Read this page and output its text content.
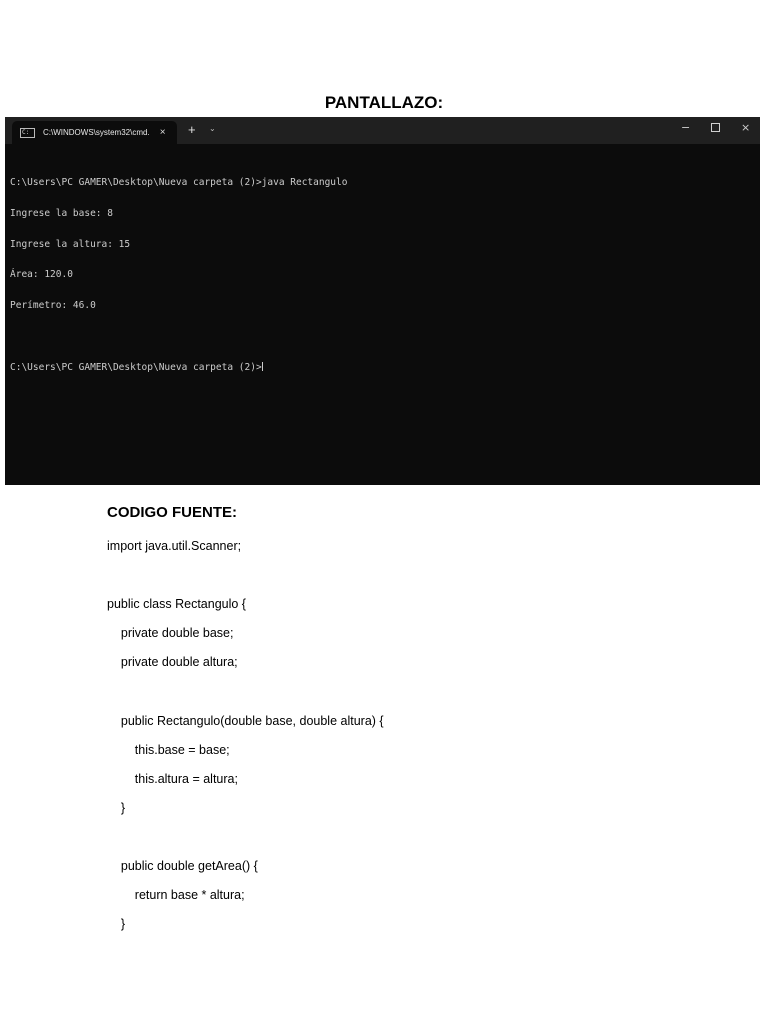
PANTALLAZO:
C:	C:\WINDOWS\system32\cmd. × + ⌄	−	×

C:\Users\PC GAMER\Desktop\Nueva carpeta (2)>java Rectangulo

Ingrese la base: 8

Ingrese la altura: 15

Área: 120.0

Perímetro: 46.0

C:\Users\PC GAMER\Desktop\Nueva carpeta (2)>

CODIGO FUENTE:
import java.util.Scanner;
public class Rectangulo {
private double base;
private double altura;
public Rectangulo(double base, double altura) {
this.base = base;
this.altura = altura;
}
public double getArea() {
return base * altura;
}
